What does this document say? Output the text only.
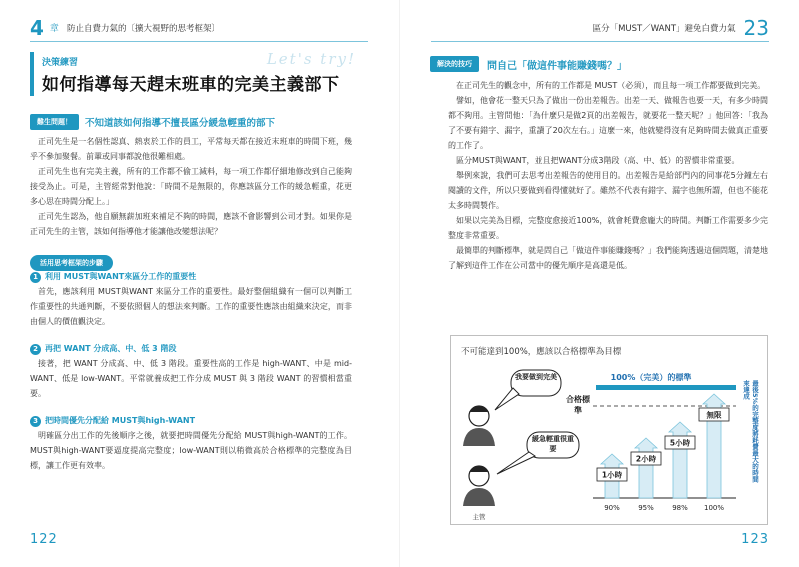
4 章 防止自費力氣的〔擴大視野的思考框架〕
決策練習
如何指導每天趕末班車的完美主義部下
Let's try!
難生問題！	不知道該如何指導不擅長區分緩急輕重的部下

正司先生是一名個性認真、熱衷於工作的員工，平常每天都在接近末班車的時間下班，幾乎不參加聚餐。前輩或同事都說他很難相處。

正司先生也有完美主義，所有的工作都不偷工減料，每一項工作都仔細地修改到自己能夠接受為止。可是，主管經常對他說：「時間不是無限的，你應該區分工作的緩急輕重，花更多心思在時間分配上。」

正司先生認為，他自願無薪加班來補足不夠的時間，應該不會影響到公司才對。如果你是正司先生的主管，該如何指導他才能讓他改變想法呢？

活用思考框架的步驟
1 利用 MUST與WANT來區分工作的重要性

首先，應該利用 MUST與WANT 來區分工作的重要性。最好整個組織有一個可以判斷工作重要性的共通判斷，不要依照個人的想法來判斷。工作的重要性應該由組織來決定，而非由個人的價值觀決定。

2 再把 WANT 分成高、中、低 3 階段

接著，把 WANT 分成高、中、低 3 階段。重要性高的工作是 high-WANT、中是 mid-WANT、低是 low-WANT。平常就養成把工作分成 MUST 與 3 階段 WANT 的習慣相當重要。

3 把時間優先分配給 MUST與high-WANT

明確區分出工作的先後順序之後，就要把時間優先分配給 MUST與high-WANT的工作。MUST與high-WANT要逼度提高完整度；low-WANT則以稍微高於合格標準的完整度為目標，讓工作更有效率。

122
區分「MUST／WANT」避免白費力氣 23
解決的技巧	問自己「做這件事能賺錢嗎？」

在正司先生的觀念中，所有的工作都是 MUST（必須），而且每一項工作都要做到完美。

譬如，他會花一整天只為了做出一份出差報告。出差一天、做報告也要一天，有多少時間都不夠用。主管問他：「為什麼只是做2頁的出差報告，就要花一整天呢？」他回答：「我為了不要有錯字、漏字，重讀了20次左右。」這麼一來，他就變得沒有足夠時間去做真正重要的工作了。

區分MUST與WANT，並且把WANT分成3階段（高、中、低）的習慣非常重要。

舉例來說，我們可去思考出差報告的使用目的。出差報告是給部門內的同事花5分鐘左右閱讀的文件，所以只要做到看得懂就好了。雖然不代表有錯字、漏字也無所謂，但也不能花太多時間製作。

如果以完美為目標，完整度愈接近100%，就會耗費愈龐大的時間。判斷工作需要多少完整度非常重要。

最簡單的判斷標準，就是問自己「做這件事能賺錢嗎？」我們能夠透過這個問題，清楚地了解到這件工作在公司當中的優先順序是高還是低。

不可能達到100%，應該以合格標準為目標
主管
我要做到完美
緩急輕重很重要
合格標準
100%（完美）的標準
最後5%的完整度將耗費最大的時間來達成
1小時
2小時
5小時
無限
90%	95%	98% 100%
123
